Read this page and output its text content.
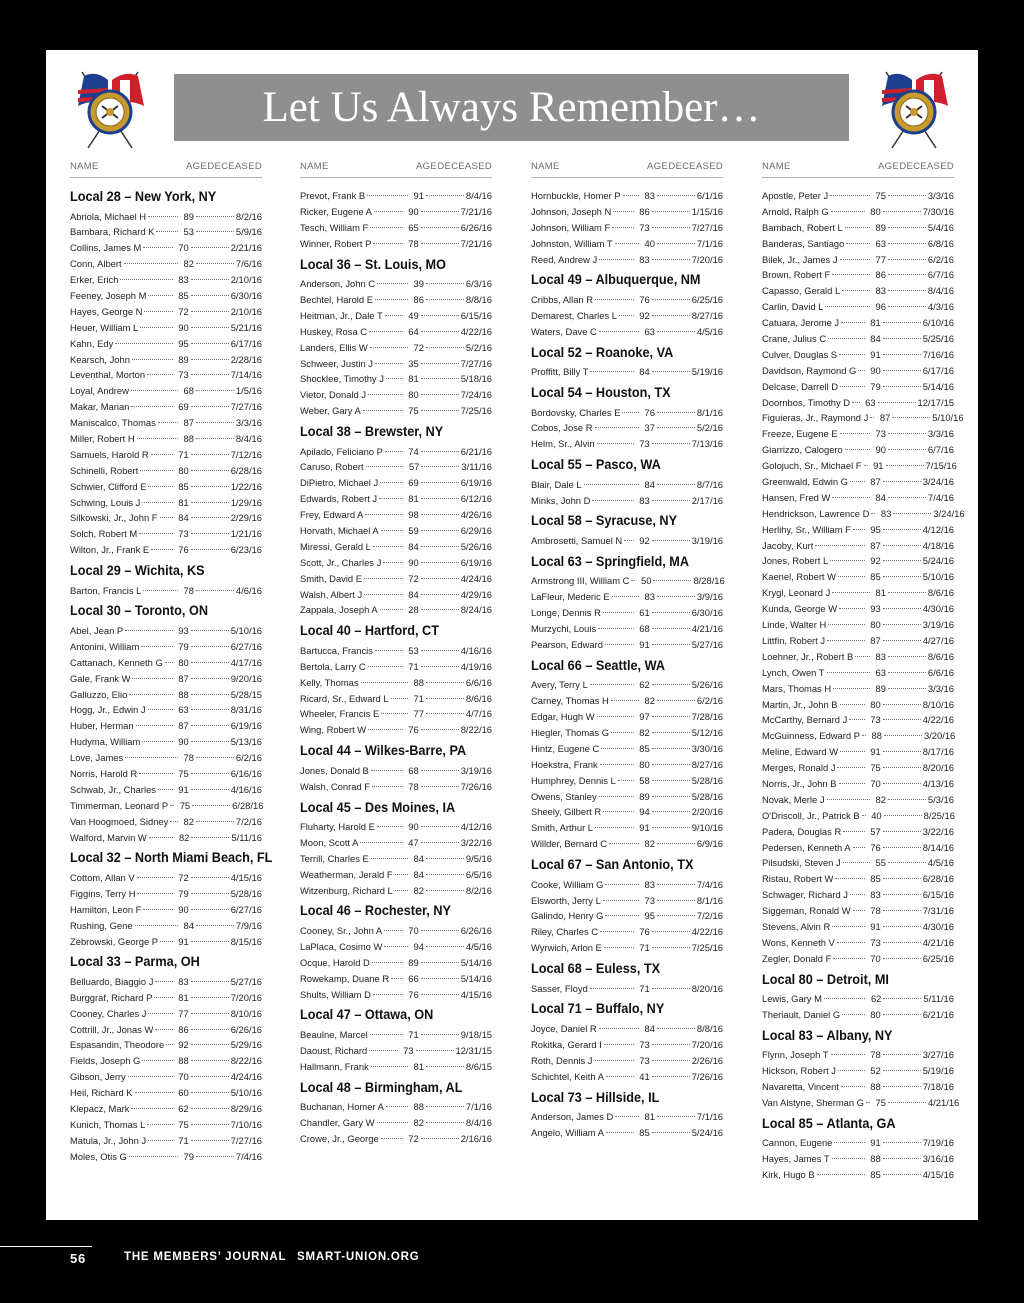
Let Us Always Remember…
NAME	AGE DECEASED
Local 28 – New York, NY
Abriola, Michael H	89	8/2/16
Bambara, Richard K	53	5/9/16
Collins, James M	70	2/21/16
Conn, Albert	82	7/6/16
Erker, Erich	83	2/10/16
Feeney, Joseph M	85	6/30/16
Hayes, George N	72	2/10/16
Heuer, William L	90	5/21/16
Kahn, Edy	95	6/17/16
Kearsch, John	89	2/28/16
Leventhal, Morton	73	7/14/16
Loyal, Andrew	68	1/5/16
Makar, Marian	69	7/27/16
Maniscalco, Thomas	87	3/3/16
Miller, Robert H	88	8/4/16
Samuels, Harold R	71	7/12/16
Schinelli, Robert	80	6/28/16
Schwier, Clifford E	85	1/22/16
Schwing, Louis J	81	1/29/16
Silkowski, Jr., John F	84	2/29/16
Solch, Robert M	73	1/21/16
Wilton, Jr., Frank E	76	6/23/16
Local 29 – Wichita, KS
Barton, Francis L	78	4/6/16
Local 30 – Toronto, ON
Abel, Jean P	93	5/10/16
Antonini, William	79	6/27/16
Cattanach, Kenneth G	80	4/17/16
Gale, Frank W	87	9/20/16
Galluzzo, Elio	88	5/28/15
Hogg, Jr., Edwin J	63	8/31/16
Huber, Herman	87	6/19/16
Hudyma, William	90	5/13/16
Love, James	78	6/2/16
Norris, Harold R	75	6/16/16
Schwab, Jr., Charles	91	4/16/16
Timmerman, Leonard P	75	6/28/16
Van Hoogmoed, Sidney	82	7/2/16
Walford, Marvin W	82	5/11/16
Local 32 – North Miami Beach, FL
Cottom, Allan V	72	4/15/16
Figgins, Terry H	79	5/28/16
Hamilton, Leon F	90	6/27/16
Rushing, Gene	84	7/9/16
Zebrowski, George P	91	8/15/16
Local 33 – Parma, OH
Belluardo, Biaggio J	83	5/27/16
Burggraf, Richard P	81	7/20/16
Cooney, Charles J	77	8/10/16
Cottrill, Jr., Jonas W	86	6/26/16
Espasandin, Theodore	92	5/29/16
Fields, Joseph G	88	8/22/16
Gibson, Jerry	70	4/24/16
Heil, Richard K	60	5/10/16
Klepacz, Mark	62	8/29/16
Kunich, Thomas L	75	7/10/16
Matula, Jr., John J	71	7/27/16
Moles, Otis G	79	7/4/16
NAME	AGE DECEASED
Prevot, Frank B	91	8/4/16
Ricker, Eugene A	90	7/21/16
Tesch, William F	65	6/26/16
Winner, Robert P	78	7/21/16
Local 36 – St. Louis, MO
Anderson, John C	39	6/3/16
Bechtel, Harold E	86	8/8/16
Heitman, Jr., Dale T	49	6/15/16
Huskey, Rosa C	64	4/22/16
Landers, Ellis W	72	5/2/16
Schweer, Justin J	35	7/27/16
Shocklee, Timothy J	81	5/18/16
Vietor, Donald J	80	7/24/16
Weber, Gary A	75	7/25/16
Local 38 – Brewster, NY
Apilado, Feliciano P	74	6/21/16
Caruso, Robert	57	3/11/16
DiPietro, Michael J	69	6/19/16
Edwards, Robert J	81	6/12/16
Frey, Edward A	98	4/26/16
Horvath, Michael A	59	6/29/16
Miressi, Gerald L	84	5/26/16
Scott, Jr., Charles J	90	6/19/16
Smith, David E	72	4/24/16
Walsh, Albert J	84	4/29/16
Zappala, Joseph A	28	8/24/16
Local 40 – Hartford, CT
Bartucca, Francis	53	4/16/16
Bertola, Larry C	71	4/19/16
Kelly, Thomas	88	6/6/16
Ricard, Sr., Edward L	71	8/6/16
Wheeler, Francis E	77	4/7/16
Wing, Robert W	76	8/22/16
Local 44 – Wilkes-Barre, PA
Jones, Donald B	68	3/19/16
Walsh, Conrad F	78	7/26/16
Local 45 – Des Moines, IA
Fluharty, Harold E	90	4/12/16
Moon, Scott A	47	3/22/16
Terrill, Charles E	84	9/5/16
Weatherman, Jerald F	84	6/5/16
Witzenburg, Richard L	82	8/2/16
Local 46 – Rochester, NY
Cooney, Sr., John A	70	6/26/16
LaPlaca, Cosimo W	94	4/5/16
Ocque, Harold D	89	5/14/16
Rowekamp, Duane R	66	5/14/16
Shults, William D	76	4/15/16
Local 47 – Ottawa, ON
Beaulne, Marcel	71	9/18/15
Daoust, Richard	73	12/31/15
Hallmann, Frank	81	8/6/15
Local 48 – Birmingham, AL
Buchanan, Homer A	88	7/1/16
Chandler, Gary W	82	8/4/16
Crowe, Jr., George	72	2/16/16
NAME	AGE DECEASED
Hornbuckle, Homer P	83	6/1/16
Johnson, Joseph N	86	1/15/16
Johnson, William F	73	7/27/16
Johnston, William T	40	7/1/16
Reed, Andrew J	83	7/20/16
Local 49 – Albuquerque, NM
Cribbs, Allan R	76	6/25/16
Demarest, Charles L	92	8/27/16
Waters, Dave C	63	4/5/16
Local 52 – Roanoke, VA
Proffitt, Billy T	84	5/19/16
Local 54 – Houston, TX
Bordovsky, Charles E	76	8/1/16
Cobos, Jose R	37	5/2/16
Helm, Sr., Alvin	73	7/13/16
Local 55 – Pasco, WA
Blair, Dale L	84	8/7/16
Minks, John D	83	2/17/16
Local 58 – Syracuse, NY
Ambrosetti, Samuel N	92	3/19/16
Local 63 – Springfield, MA
Armstrong III, William C	50	8/28/16
LaFleur, Mederic E	83	3/9/16
Longe, Dennis R	61	6/30/16
Murzychi, Louis	68	4/21/16
Pearson, Edward	91	5/27/16
Local 66 – Seattle, WA
Avery, Terry L	62	5/26/16
Carney, Thomas H	82	6/2/16
Edgar, Hugh W	97	7/28/16
Hiegler, Thomas G	82	5/12/16
Hintz, Eugene C	85	3/30/16
Hoekstra, Frank	80	8/27/16
Humphrey, Dennis L	58	5/28/16
Owens, Stanley	89	5/28/16
Sheely, Gilbert R	94	2/20/16
Smith, Arthur L	91	9/10/16
Willder, Bernard C	82	6/9/16
Local 67 – San Antonio, TX
Cooke, William G	83	7/4/16
Elsworth, Jerry L	73	8/1/16
Galindo, Henry G	95	7/2/16
Riley, Charles C	76	4/22/16
Wyrwich, Arlon E	71	7/25/16
Local 68 – Euless, TX
Sasser, Floyd	71	8/20/16
Local 71 – Buffalo, NY
Joyce, Daniel R	84	8/8/16
Rokitka, Gerard I	73	7/20/16
Roth, Dennis J	73	2/26/16
Schichtel, Keith A	41	7/26/16
Local 73 – Hillside, IL
Anderson, James D	81	7/1/16
Angelo, William A	85	5/24/16
NAME	AGE DECEASED
Apostle, Peter J	75	3/3/16
Arnold, Ralph G	80	7/30/16
Bambach, Robert L	89	5/4/16
Banderas, Santiago	63	6/8/16
Bilek, Jr., James J	77	6/2/16
Brown, Robert F	86	6/7/16
Capasso, Gerald L	83	8/4/16
Carlin, David L	96	4/3/16
Catuara, Jerome J	81	6/10/16
Crane, Julius C	84	5/25/16
Culver, Douglas S	91	7/16/16
Davidson, Raymond G	90	6/17/16
Delcase, Darrell D	79	5/14/16
Doornbos, Timothy D	63	12/17/15
Figuieras, Jr., Raymond J	87	5/10/16
Freeze, Eugene E	73	3/3/16
Giarrizzo, Calogero	90	6/7/16
Golojuch, Sr., Michael F	91	7/15/16
Greenwald, Edwin G	87	3/24/16
Hansen, Fred W	84	7/4/16
Hendrickson, Lawrence D	83	3/24/16
Herlihy, Sr., William F	95	4/12/16
Jacoby, Kurt	87	4/18/16
Jones, Robert L	92	5/24/16
Kaenel, Robert W	85	5/10/16
Krygl, Leonard J	81	8/6/16
Kunda, George W	93	4/30/16
Linde, Walter H	80	3/19/16
Littfin, Robert J	87	4/27/16
Loehner, Jr., Robert B	83	8/6/16
Lynch, Owen T	63	6/6/16
Mars, Thomas H	89	3/3/16
Martin, Jr., John B	80	8/10/16
McCarthy, Bernard J	73	4/22/16
McGuinness, Edward P	88	3/20/16
Meline, Edward W	91	8/17/16
Merges, Ronald J	75	8/20/16
Norris, Jr., John B	70	4/13/16
Novak, Merle J	82	5/3/16
O'Driscoll, Jr., Patrick B	40	8/25/16
Padera, Douglas R	57	3/22/16
Pedersen, Kenneth A	76	8/14/16
Pilsudski, Steven J	55	4/5/16
Ristau, Robert W	85	6/28/16
Schwager, Richard J	83	6/15/16
Siggeman, Ronald W	78	7/31/16
Stevens, Alvin R	91	4/30/16
Wons, Kenneth V	73	4/21/16
Zegler, Donald F	70	6/25/16
Local 80 – Detroit, MI
Lewis, Gary M	62	5/11/16
Theriault, Daniel G	80	6/21/16
Local 83 – Albany, NY
Flynn, Joseph T	78	3/27/16
Hickson, Robert J	52	5/19/16
Navaretta, Vincent	88	7/18/16
Van Alstyne, Sherman G	75	4/21/16
Local 85 – Atlanta, GA
Cannon, Eugene	91	7/19/16
Hayes, James T	88	3/16/16
Kirk, Hugo B	85	4/15/16
56	THE MEMBERS’ JOURNAL SMART-UNION.ORG
